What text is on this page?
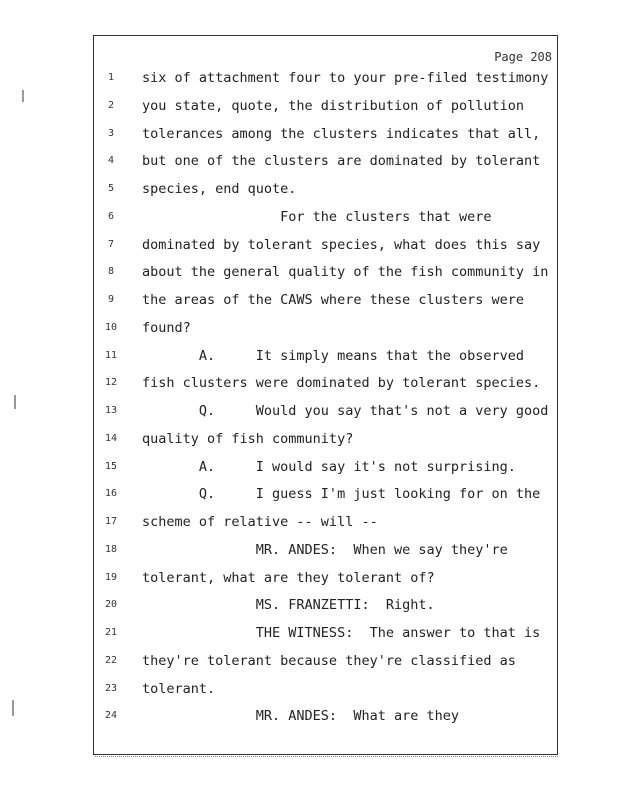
Page 208
1	six of attachment four to your pre-filed testimony
2	you state, quote, the distribution of pollution
3	tolerances among the clusters indicates that all,
4	but one of the clusters are dominated by tolerant
5	species, end quote.
6	For the clusters that were
7	dominated by tolerant species, what does this say
8	about the general quality of the fish community in
9	the areas of the CAWS where these clusters were
10	found?
11	A.     It simply means that the observed
12	fish clusters were dominated by tolerant species.
13	Q.     Would you say that's not a very good
14	quality of fish community?
15	A.     I would say it's not surprising.
16	Q.     I guess I'm just looking for on the
17	scheme of relative -- will --
18	MR. ANDES:  When we say they're
19	tolerant, what are they tolerant of?
20	MS. FRANZETTI:  Right.
21	THE WITNESS:  The answer to that is
22	they're tolerant because they're classified as
23	tolerant.
24	MR. ANDES:  What are they
